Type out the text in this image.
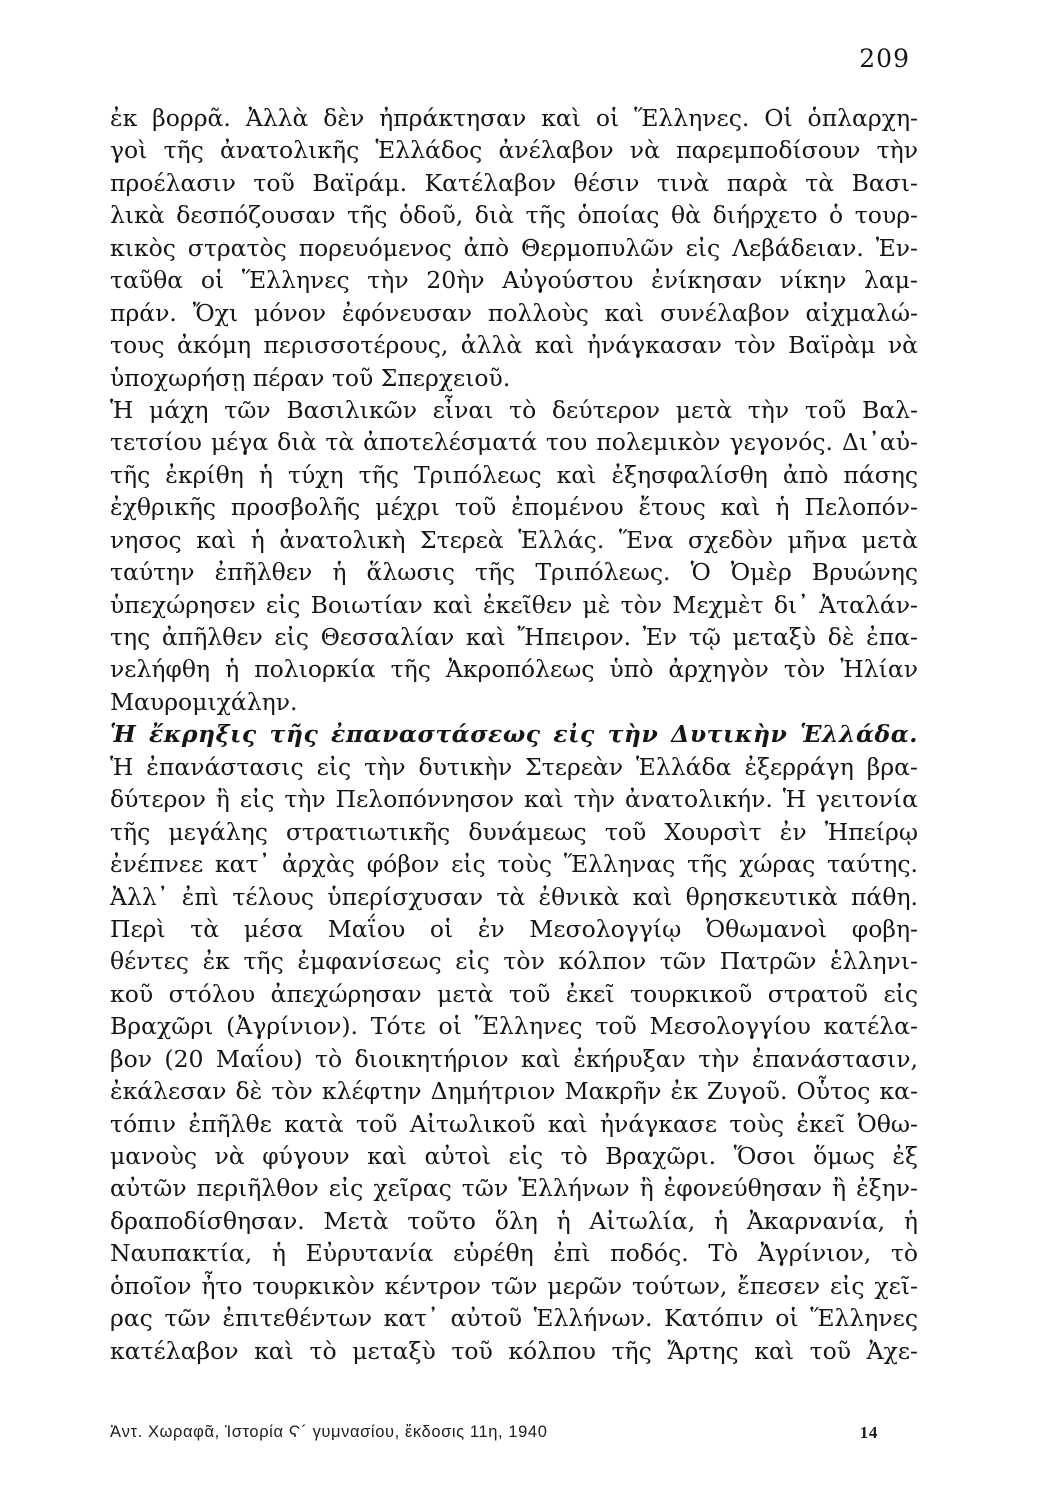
209
ἐκ βορρᾶ. Ἀλλὰ δὲν ἠπράκτησαν καὶ οἱ Ἕλληνες. Οἱ ὁπλαρχη-
γοὶ τῆς ἀνατολικῆς Ἑλλάδος ἀνέλαβον νὰ παρεμποδίσουν τὴν
προέλασιν τοῦ Βαϊράμ. Κατέλαβον θέσιν τινὰ παρὰ τὰ Βασι-
λικὰ δεσπόζουσαν τῆς ὁδοῦ, διὰ τῆς ὁποίας θὰ διήρχετο ὁ τουρ-
κικὸς στρατὸς πορευόμενος ἀπὸ Θερμοπυλῶν εἰς Λεβάδειαν. Ἐν-
ταῦθα οἱ Ἕλληνες τὴν 20ὴν Αὐγούστου ἐνίκησαν νίκην λαμ-
πράν. Ὄχι μόνον ἐφόνευσαν πολλοὺς καὶ συνέλαβον αἰχμαλώ-
τους ἀκόμη περισσοτέρους, ἀλλὰ καὶ ἠνάγκασαν τὸν Βαϊρὰμ νὰ
ὑποχωρήσῃ πέραν τοῦ Σπερχειοῦ.
Ἡ μάχη τῶν Βασιλικῶν εἶναι τὸ δεύτερον μετὰ τὴν τοῦ Βαλ-
τετσίου μέγα διὰ τὰ ἀποτελέσματά του πολεμικὸν γεγονός. Δι᾽αὐ-
τῆς ἐκρίθη ἡ τύχη τῆς Τριπόλεως καὶ ἐξησφαλίσθη ἀπὸ πάσης
ἐχθρικῆς προσβολῆς μέχρι τοῦ ἐπομένου ἔτους καὶ ἡ Πελοπόν-
νησος καὶ ἡ ἀνατολικὴ Στερεὰ Ἑλλάς. Ἕνα σχεδὸν μῆνα μετὰ
ταύτην ἐπῆλθεν ἡ ἅλωσις τῆς Τριπόλεως. Ὁ Ὀμὲρ Βρυώνης
ὑπεχώρησεν εἰς Βοιωτίαν καὶ ἐκεῖθεν μὲ τὸν Μεχμὲτ δι᾽ Ἀταλάν-
της ἀπῆλθεν εἰς Θεσσαλίαν καὶ Ἤπειρον. Ἐν τῷ μεταξὺ δὲ ἐπα-
νελήφθη ἡ πολιορκία τῆς Ἀκροπόλεως ὑπὸ ἀρχηγὸν τὸν Ἠλίαν
Μαυρομιχάλην.
Ἡ ἔκρηξις τῆς ἐπαναστάσεως εἰς τὴν Δυτικὴν Ἑλλάδα.
Ἡ ἐπανάστασις εἰς τὴν δυτικὴν Στερεὰν Ἑλλάδα ἐξερράγη βρα-
δύτερον ἢ εἰς τὴν Πελοπόννησον καὶ τὴν ἀνατολικήν. Ἡ γειτονία
τῆς μεγάλης στρατιωτικῆς δυνάμεως τοῦ Χουρσὶτ ἐν Ἠπείρῳ
ἐνέπνεε κατ᾽ ἀρχὰς φόβον εἰς τοὺς Ἕλληνας τῆς χώρας ταύτης.
Ἀλλ᾽ ἐπὶ τέλους ὑπερίσχυσαν τὰ ἐθνικὰ καὶ θρησκευτικὰ πάθη.
Περὶ τὰ μέσα Μαΐου οἱ ἐν Μεσολογγίῳ Ὀθωμανοὶ φοβη-
θέντες ἐκ τῆς ἐμφανίσεως εἰς τὸν κόλπον τῶν Πατρῶν ἑλληνι-
κοῦ στόλου ἀπεχώρησαν μετὰ τοῦ ἐκεῖ τουρκικοῦ στρατοῦ εἰς
Βραχῶρι (Ἀγρίνιον). Τότε οἱ Ἕλληνες τοῦ Μεσολογγίου κατέλα-
βον (20 Μαΐου) τὸ διοικητήριον καὶ ἐκήρυξαν τὴν ἐπανάστασιν,
ἐκάλεσαν δὲ τὸν κλέφτην Δημήτριον Μακρῆν ἐκ Ζυγοῦ. Οὗτος κα-
τόπιν ἐπῆλθε κατὰ τοῦ Αἰτωλικοῦ καὶ ἠνάγκασε τοὺς ἐκεῖ Ὀθω-
μανοὺς νὰ φύγουν καὶ αὐτοὶ εἰς τὸ Βραχῶρι. Ὅσοι ὅμως ἐξ
αὐτῶν περιῆλθον εἰς χεῖρας τῶν Ἑλλήνων ἢ ἐφονεύθησαν ἢ ἐξην-
δραποδίσθησαν. Μετὰ τοῦτο ὅλη ἡ Αἰτωλία, ἡ Ἀκαρνανία, ἡ
Ναυπακτία, ἡ Εὐρυτανία εὑρέθη ἐπὶ ποδός. Τὸ Ἀγρίνιον, τὸ
ὁποῖον ἦτο τουρκικὸν κέντρον τῶν μερῶν τούτων, ἔπεσεν εἰς χεῖ-
ρας τῶν ἐπιτεθέντων κατ᾽ αὐτοῦ Ἑλλήνων. Κατόπιν οἱ Ἕλληνες
κατέλαβον καὶ τὸ μεταξὺ τοῦ κόλπου τῆς Ἄρτης καὶ τοῦ Ἀχε-
Ἀντ. Χωραφᾶ, Ἱστορία Ϛ´ γυμνασίου, ἔκδοσις 11η, 1940	14
